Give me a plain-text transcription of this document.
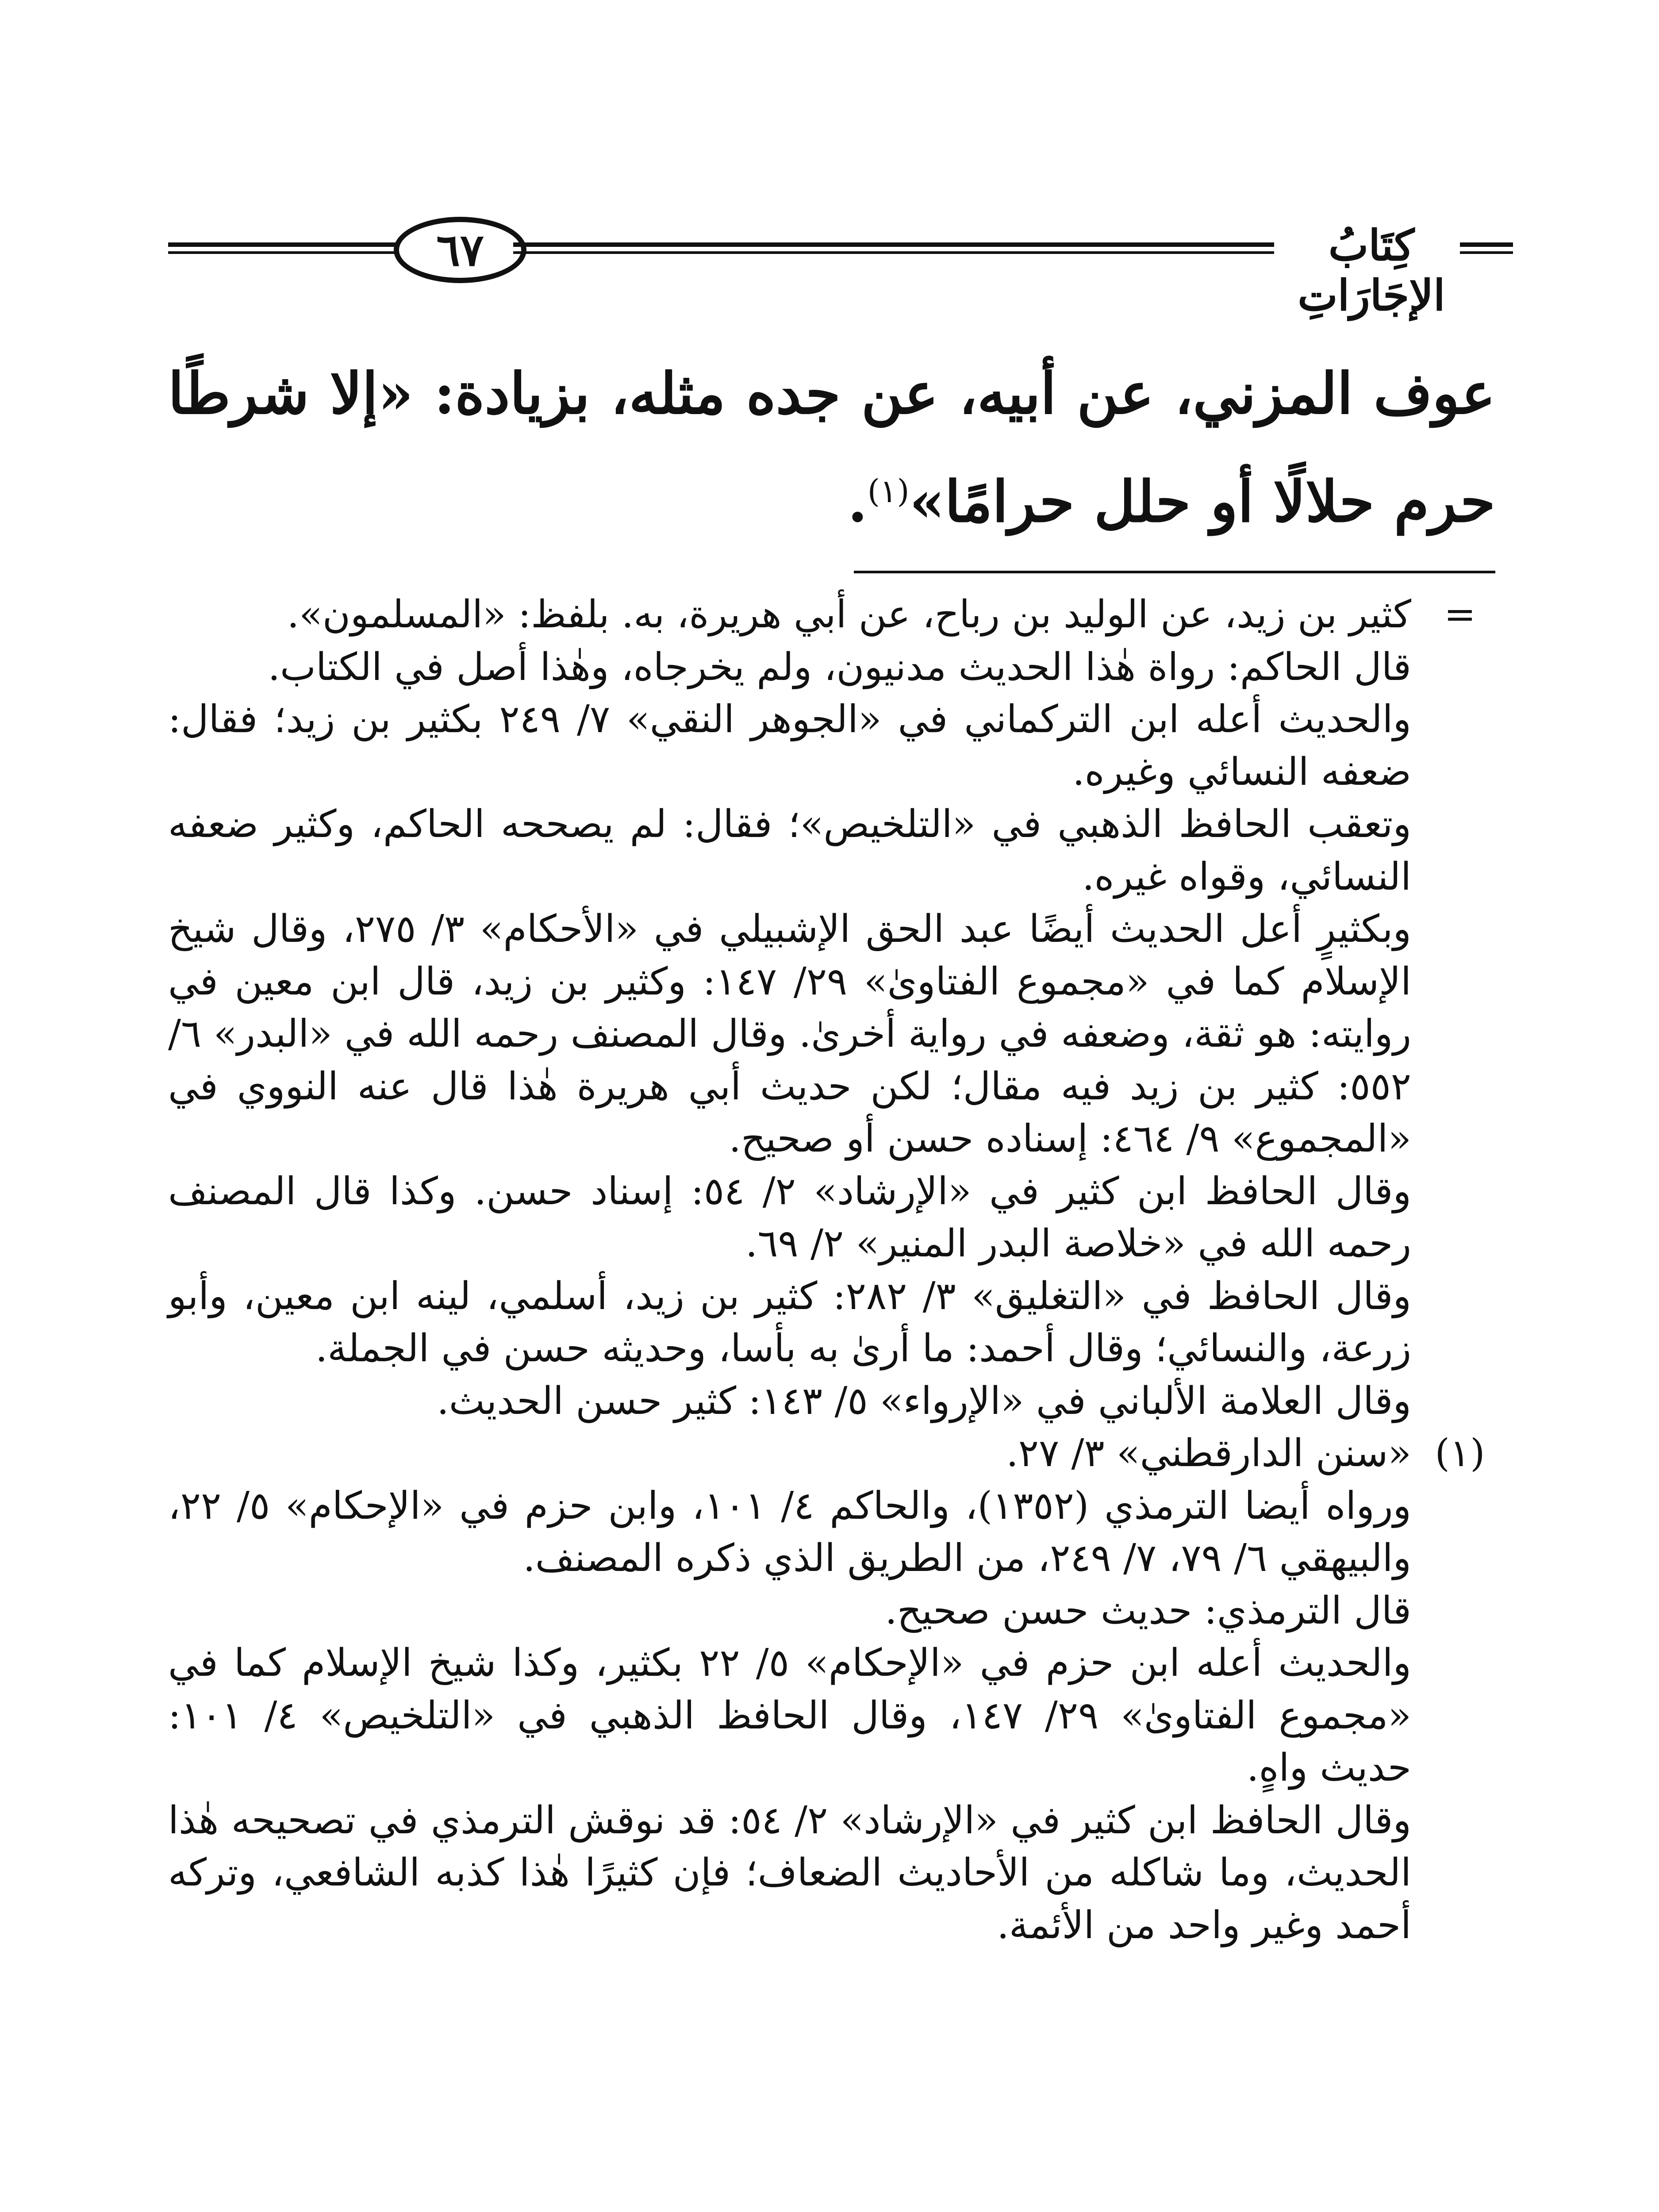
٦٧	كِتَابُ الإجَارَاتِ
عوف المزني، عن أبيه، عن جده مثله، بزيادة: «إلا شرطًا حرم حلالًا أو حلل حرامًا»$^{(١)}$.
=

كثير بن زيد، عن الوليد بن رباح، عن أبي هريرة، به. بلفظ: «المسلمون».

قال الحاكم: رواة هٰذا الحديث مدنيون، ولم يخرجاه، وهٰذا أصل في الكتاب.

والحديث أعله ابن التركماني في «الجوهر النقي» ٧/ ٢٤٩ بكثير بن زيد؛ فقال: ضعفه النسائي وغيره.

وتعقب الحافظ الذهبي في «التلخيص»؛ فقال: لم يصححه الحاكم، وكثير ضعفه النسائي، وقواه غيره.

وبكثيرٍ أعل الحديث أيضًا عبد الحق الإشبيلي في «الأحكام» ٣/ ٢٧٥، وقال شيخ الإسلام كما في «مجموع الفتاوىٰ» ٢٩/ ١٤٧: وكثير بن زيد، قال ابن معين في روايته: هو ثقة، وضعفه في رواية أخرىٰ. وقال المصنف رحمه الله في «البدر» ٦/ ٥٥٢: كثير بن زيد فيه مقال؛ لكن حديث أبي هريرة هٰذا قال عنه النووي في «المجموع» ٩/ ٤٦٤: إسناده حسن أو صحيح.

وقال الحافظ ابن كثير في «الإرشاد» ٢/ ٥٤: إسناد حسن. وكذا قال المصنف رحمه الله في «خلاصة البدر المنير» ٢/ ٦٩.

وقال الحافظ في «التغليق» ٣/ ٢٨٢: كثير بن زيد، أسلمي، لينه ابن معين، وأبو زرعة، والنسائي؛ وقال أحمد: ما أرىٰ به بأسا، وحديثه حسن في الجملة.

وقال العلامة الألباني في «الإرواء» ٥/ ١٤٣: كثير حسن الحديث.

(١)

«سنن الدارقطني» ٣/ ٢٧.

ورواه أيضا الترمذي (١٣٥٢)، والحاكم ٤/ ١٠١، وابن حزم في «الإحكام» ٥/ ٢٢، والبيهقي ٦/ ٧٩، ٧/ ٢٤٩، من الطريق الذي ذكره المصنف.

قال الترمذي: حديث حسن صحيح.

والحديث أعله ابن حزم في «الإحكام» ٥/ ٢٢ بكثير، وكذا شيخ الإسلام كما في «مجموع الفتاوىٰ» ٢٩/ ١٤٧، وقال الحافظ الذهبي في «التلخيص» ٤/ ١٠١: حديث واهٍ.

وقال الحافظ ابن كثير في «الإرشاد» ٢/ ٥٤: قد نوقش الترمذي في تصحيحه هٰذا الحديث، وما شاكله من الأحاديث الضعاف؛ فإن كثيرًا هٰذا كذبه الشافعي، وتركه أحمد وغير واحد من الأئمة.
